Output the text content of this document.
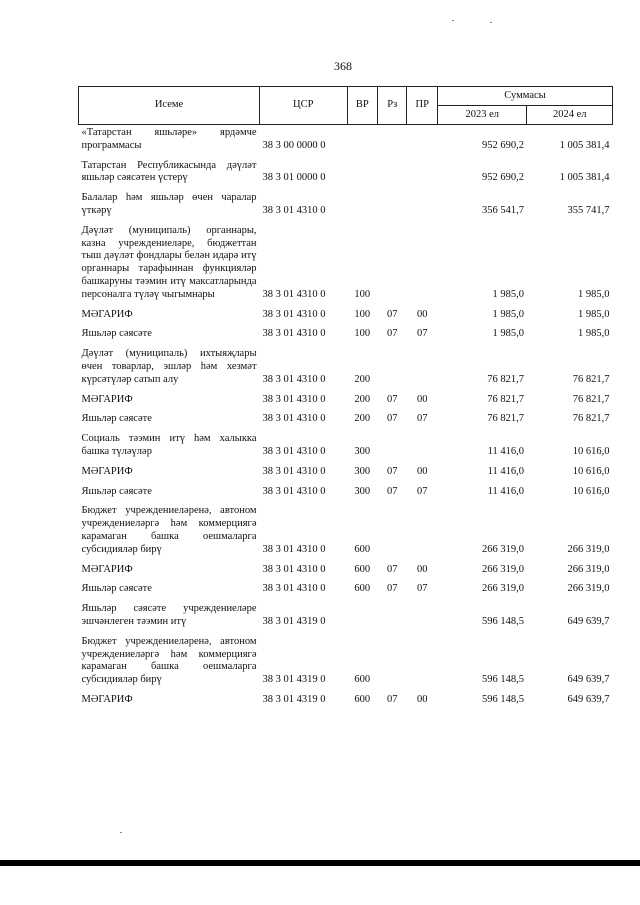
368
Исеме	ЦСР	ВР	Рз	ПР	Суммасы	
					2023 ел	2024 ел
«Татарстан яшьләре» ярдәмче программасы	38 3 00 0000 0				952 690,2	1 005 381,4
Татарстан Республикасында дәүләт яшьләр сәясәтен үстерү	38 3 01 0000 0				952 690,2	1 005 381,4
Балалар һәм яшьләр өчен чаралар үткәрү	38 3 01 4310 0				356 541,7	355 741,7
Дәүләт (муниципаль) органнары, казна учреждениеләре, бюджеттан тыш дәүләт фондлары белән идарә итү органнары тарафыннан функцияләр башкаруны тәэмин итү максатларында персоналга түләү чыгымнары	38 3 01 4310 0	100			1 985,0	1 985,0
МӘГАРИФ	38 3 01 4310 0	100	07	00	1 985,0	1 985,0
Яшьләр сәясәте	38 3 01 4310 0	100	07	07	1 985,0	1 985,0
Дәүләт (муниципаль) ихтыяҗлары өчен товарлар, эшләр һәм хезмәт күрсәтүләр сатып алу	38 3 01 4310 0	200			76 821,7	76 821,7
МӘГАРИФ	38 3 01 4310 0	200	07	00	76 821,7	76 821,7
Яшьләр сәясәте	38 3 01 4310 0	200	07	07	76 821,7	76 821,7
Социаль тәэмин итү һәм халыкка башка түләүләр	38 3 01 4310 0	300			11 416,0	10 616,0
МӘГАРИФ	38 3 01 4310 0	300	07	00	11 416,0	10 616,0
Яшьләр сәясәте	38 3 01 4310 0	300	07	07	11 416,0	10 616,0
Бюджет учреждениеләренә, автоном учреждениеләргә һәм коммерциягә карамаган башка оешмаларга субсидияләр бирү	38 3 01 4310 0	600			266 319,0	266 319,0
МӘГАРИФ	38 3 01 4310 0	600	07	00	266 319,0	266 319,0
Яшьләр сәясәте	38 3 01 4310 0	600	07	07	266 319,0	266 319,0
Яшьләр сәясәте учреждениеләре эшчәнлеген тәэмин итү	38 3 01 4319 0				596 148,5	649 639,7
Бюджет учреждениеләренә, автоном учреждениеләргә һәм коммерциягә карамаган башка оешмаларга субсидияләр бирү	38 3 01 4319 0	600			596 148,5	649 639,7
МӘГАРИФ	38 3 01 4319 0	600	07	00	596 148,5	649 639,7
